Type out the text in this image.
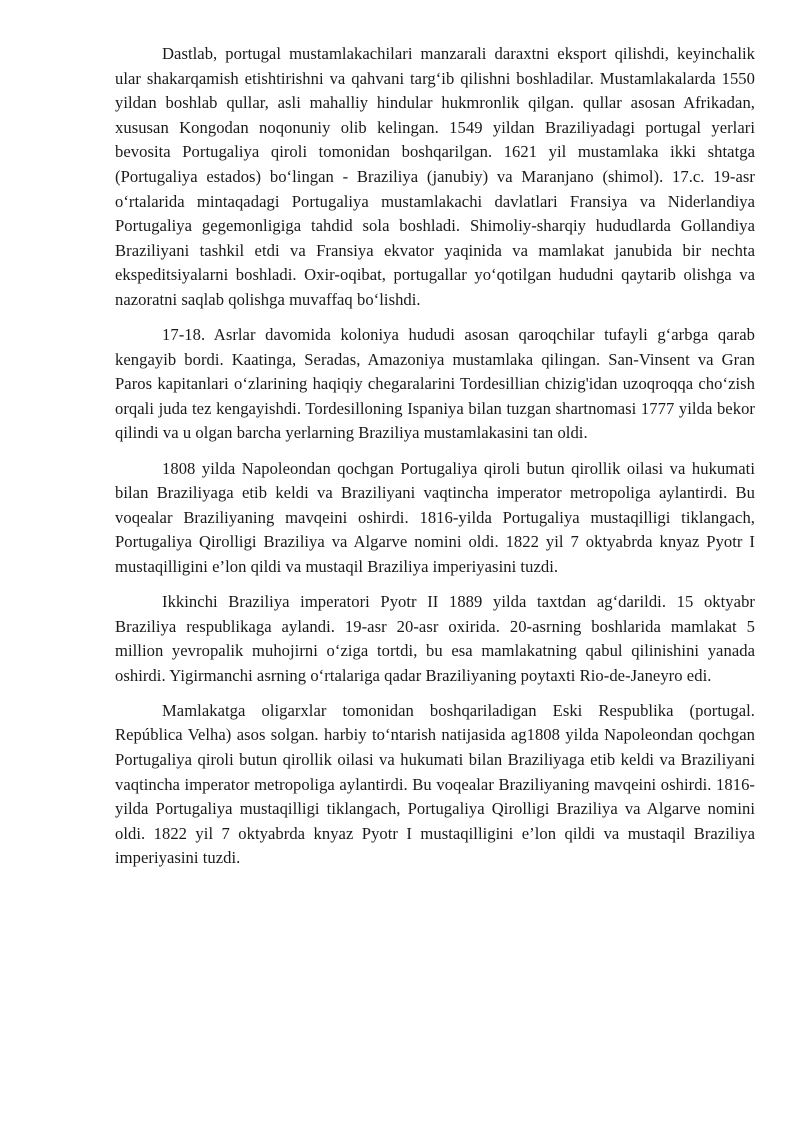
Dastlab, portugal mustamlakachilari manzarali daraxtni eksport qilishdi, keyinchalik ular shakarqamish etishtirishni va qahvani targ‘ib qilishni boshladilar. Mustamlakalarda 1550 yildan boshlab qullar, asli mahalliy hindular hukmronlik qilgan. qullar asosan Afrikadan, xususan Kongodan noqonuniy olib kelingan. 1549 yildan Braziliyadagi portugal yerlari bevosita Portugaliya qiroli tomonidan boshqarilgan. 1621 yil mustamlaka ikki shtatga (Portugaliya estados) bo‘lingan - Braziliya (janubiy) va Maranjano (shimol). 17.c. 19-asr o‘rtalarida mintaqadagi Portugaliya mustamlakachi davlatlari Fransiya va Niderlandiya Portugaliya gegemonligiga tahdid sola boshladi. Shimoliy-sharqiy hududlarda Gollandiya Braziliyani tashkil etdi va Fransiya ekvator yaqinida va mamlakat janubida bir nechta ekspeditsiyalarni boshladi. Oxir-oqibat, portugallar yo‘qotilgan hududni qaytarib olishga va nazoratni saqlab qolishga muvaffaq bo‘lishdi.

17-18. Asrlar davomida koloniya hududi asosan qaroqchilar tufayli g‘arbga qarab kengayib bordi. Kaatinga, Seradas, Amazoniya mustamlaka qilingan. San-Vinsent va Gran Paros kapitanlari o‘zlarining haqiqiy chegaralarini Tordesillian chizig'idan uzoqroqqa cho‘zish orqali juda tez kengayishdi. Tordesilloning Ispaniya bilan tuzgan shartnomasi 1777 yilda bekor qilindi va u olgan barcha yerlarning Braziliya mustamlakasini tan oldi.

1808 yilda Napoleondan qochgan Portugaliya qiroli butun qirollik oilasi va hukumati bilan Braziliyaga etib keldi va Braziliyani vaqtincha imperator metropoliga aylantirdi. Bu voqealar Braziliyaning mavqeini oshirdi. 1816-yilda Portugaliya mustaqilligi tiklangach, Portugaliya Qirolligi Braziliya va Algarve nomini oldi. 1822 yil 7 oktyabrda knyaz Pyotr I mustaqilligini e’lon qildi va mustaqil Braziliya imperiyasini tuzdi.

Ikkinchi Braziliya imperatori Pyotr II 1889 yilda taxtdan ag‘darildi. 15 oktyabr Braziliya respublikaga aylandi. 19-asr 20-asr oxirida. 20-asrning boshlarida mamlakat 5 million yevropalik muhojirni o‘ziga tortdi, bu esa mamlakatning qabul qilinishini yanada oshirdi. Yigirmanchi asrning o‘rtalariga qadar Braziliyaning poytaxti Rio-de-Janeyro edi.

Mamlakatga oligarxlar tomonidan boshqariladigan Eski Respublika (portugal. República Velha) asos solgan. harbiy to‘ntarish natijasida ag1808 yilda Napoleondan qochgan Portugaliya qiroli butun qirollik oilasi va hukumati bilan Braziliyaga etib keldi va Braziliyani vaqtincha imperator metropoliga aylantirdi. Bu voqealar Braziliyaning mavqeini oshirdi. 1816-yilda Portugaliya mustaqilligi tiklangach, Portugaliya Qirolligi Braziliya va Algarve nomini oldi. 1822 yil 7 oktyabrda knyaz Pyotr I mustaqilligini e’lon qildi va mustaqil Braziliya imperiyasini tuzdi.
